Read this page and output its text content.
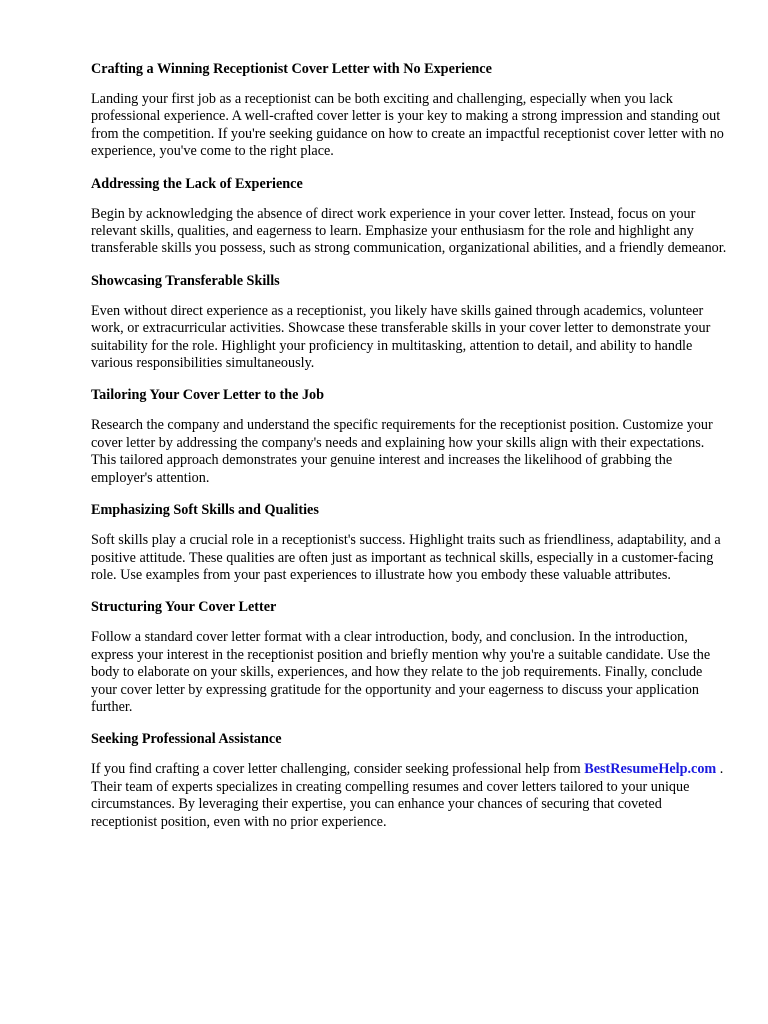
Crafting a Winning Receptionist Cover Letter with No Experience

Landing your first job as a receptionist can be both exciting and challenging, especially when you lack professional experience. A well-crafted cover letter is your key to making a strong impression and standing out from the competition. If you're seeking guidance on how to create an impactful receptionist cover letter with no experience, you've come to the right place.

Addressing the Lack of Experience

Begin by acknowledging the absence of direct work experience in your cover letter. Instead, focus on your relevant skills, qualities, and eagerness to learn. Emphasize your enthusiasm for the role and highlight any transferable skills you possess, such as strong communication, organizational abilities, and a friendly demeanor.

Showcasing Transferable Skills

Even without direct experience as a receptionist, you likely have skills gained through academics, volunteer work, or extracurricular activities. Showcase these transferable skills in your cover letter to demonstrate your suitability for the role. Highlight your proficiency in multitasking, attention to detail, and ability to handle various responsibilities simultaneously.

Tailoring Your Cover Letter to the Job

Research the company and understand the specific requirements for the receptionist position. Customize your cover letter by addressing the company's needs and explaining how your skills align with their expectations. This tailored approach demonstrates your genuine interest and increases the likelihood of grabbing the employer's attention.

Emphasizing Soft Skills and Qualities

Soft skills play a crucial role in a receptionist's success. Highlight traits such as friendliness, adaptability, and a positive attitude. These qualities are often just as important as technical skills, especially in a customer-facing role. Use examples from your past experiences to illustrate how you embody these valuable attributes.

Structuring Your Cover Letter

Follow a standard cover letter format with a clear introduction, body, and conclusion. In the introduction, express your interest in the receptionist position and briefly mention why you're a suitable candidate. Use the body to elaborate on your skills, experiences, and how they relate to the job requirements. Finally, conclude your cover letter by expressing gratitude for the opportunity and your eagerness to discuss your application further.

Seeking Professional Assistance

If you find crafting a cover letter challenging, consider seeking professional help from BestResumeHelp.com . Their team of experts specializes in creating compelling resumes and cover letters tailored to your unique circumstances. By leveraging their expertise, you can enhance your chances of securing that coveted receptionist position, even with no prior experience.
